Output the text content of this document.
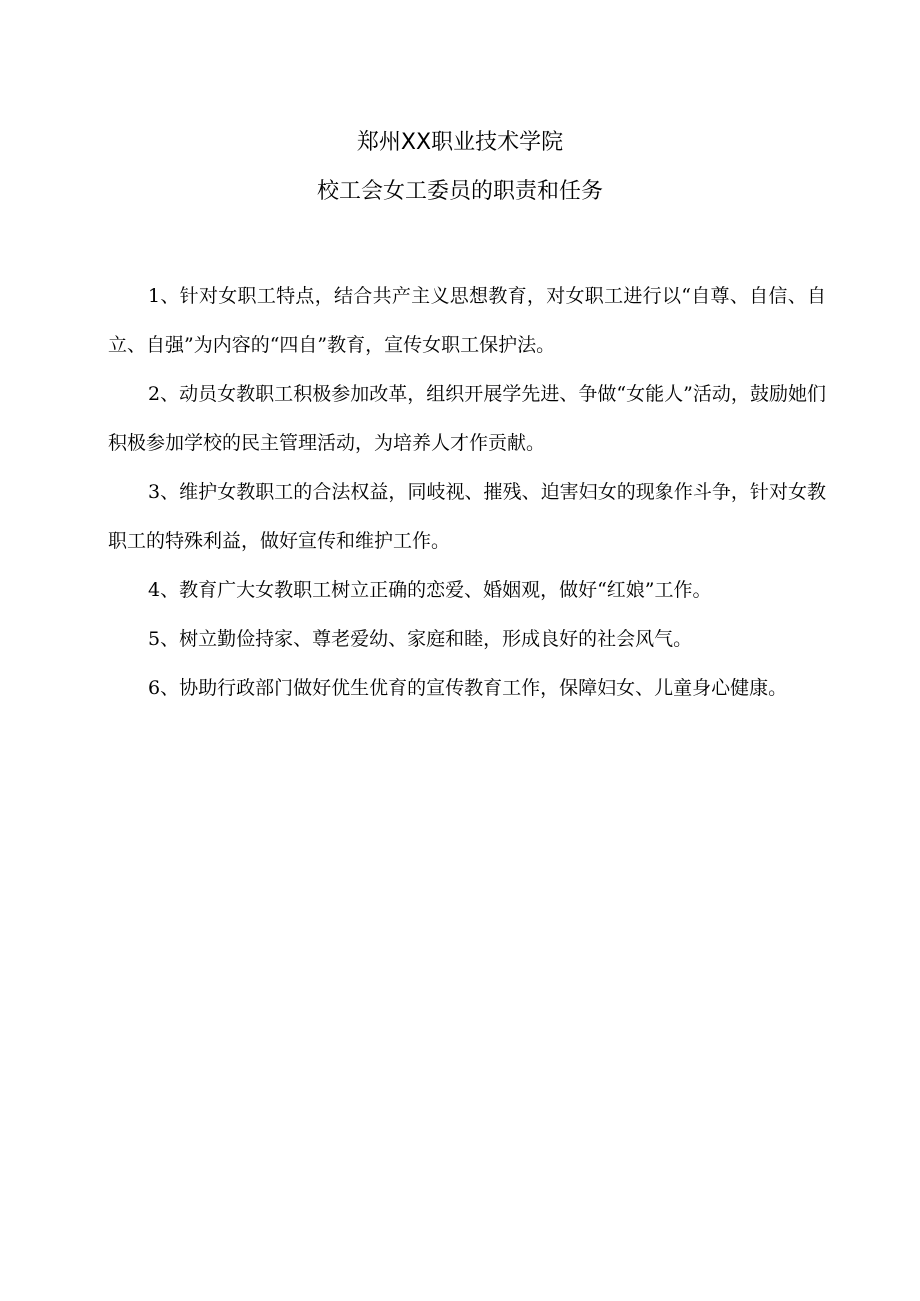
郑州XX职业技术学院
校工会女工委员的职责和任务

1、针对女职工特点，结合共产主义思想教育，对女职工进行以“自尊、自信、自立、自强”为内容的“四自”教育，宣传女职工保护法。

2、动员女教职工积极参加改革，组织开展学先进、争做“女能人”活动，鼓励她们积极参加学校的民主管理活动，为培养人才作贡献。

3、维护女教职工的合法权益，同岐视、摧残、迫害妇女的现象作斗争，针对女教职工的特殊利益，做好宣传和维护工作。

4、教育广大女教职工树立正确的恋爱、婚姻观，做好“红娘”工作。

5、树立勤俭持家、尊老爱幼、家庭和睦，形成良好的社会风气。

6、协助行政部门做好优生优育的宣传教育工作，保障妇女、儿童身心健康。
